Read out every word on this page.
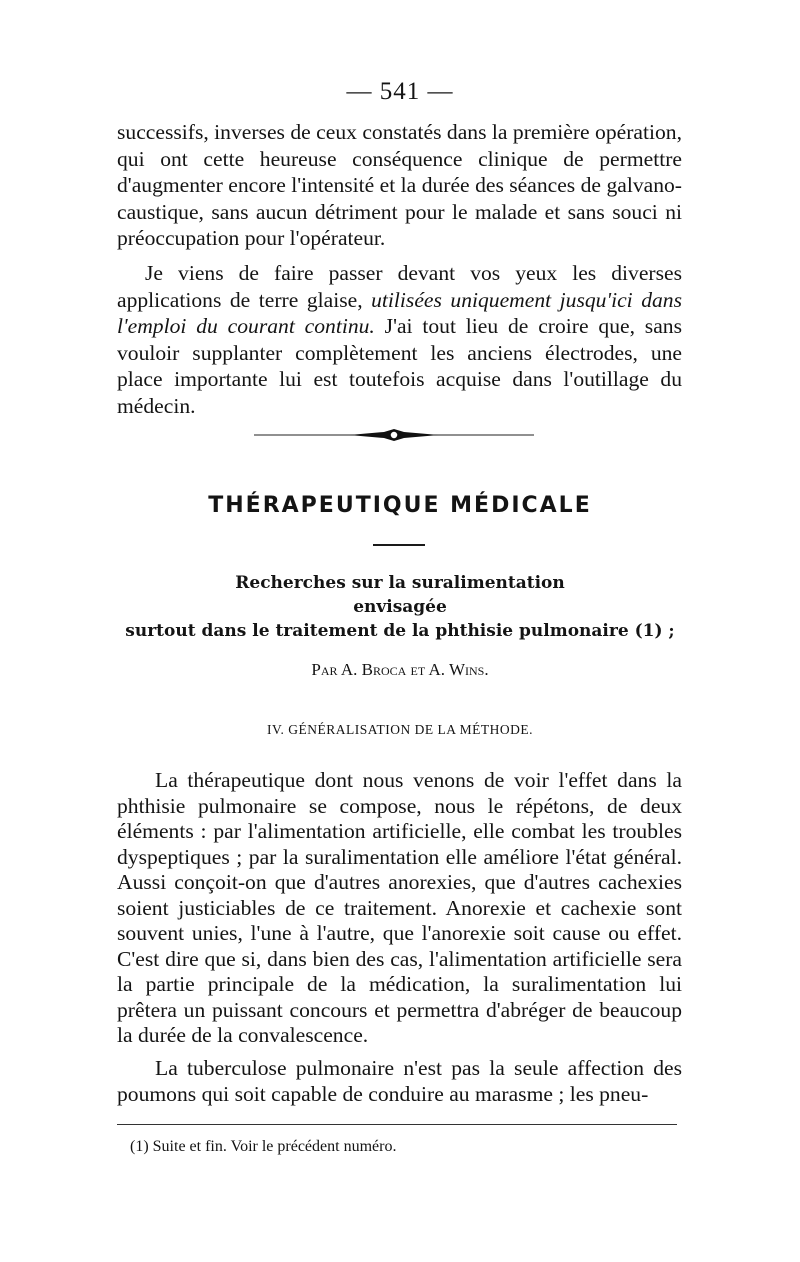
— 541 —

successifs, inverses de ceux constatés dans la première opération, qui ont cette heureuse conséquence clinique de permettre d'augmenter encore l'intensité et la durée des séances de galvano-caustique, sans aucun détriment pour le malade et sans souci ni préoccupation pour l'opérateur.

Je viens de faire passer devant vos yeux les diverses applications de terre glaise, utilisées uniquement jusqu'ici dans l'emploi du courant continu. J'ai tout lieu de croire que, sans vouloir supplanter complètement les anciens électrodes, une place importante lui est toutefois acquise dans l'outillage du médecin.

THÉRAPEUTIQUE MÉDICALE
Recherches sur la suralimentation
envisagée
surtout dans le traitement de la phthisie pulmonaire (1) ;
Par A. Broca et A. Wins.
IV. GÉNÉRALISATION DE LA MÉTHODE.

La thérapeutique dont nous venons de voir l'effet dans la phthisie pulmonaire se compose, nous le répétons, de deux éléments : par l'alimentation artificielle, elle combat les troubles dyspeptiques ; par la suralimentation elle améliore l'état général. Aussi conçoit-on que d'autres anorexies, que d'autres cachexies soient justiciables de ce traitement. Anorexie et cachexie sont souvent unies, l'une à l'autre, que l'anorexie soit cause ou effet. C'est dire que si, dans bien des cas, l'alimentation artificielle sera la partie principale de la médication, la suralimentation lui prêtera un puissant concours et permettra d'abréger de beaucoup la durée de la convalescence.

La tuberculose pulmonaire n'est pas la seule affection des poumons qui soit capable de conduire au marasme ; les pneu-

(1) Suite et fin. Voir le précédent numéro.
